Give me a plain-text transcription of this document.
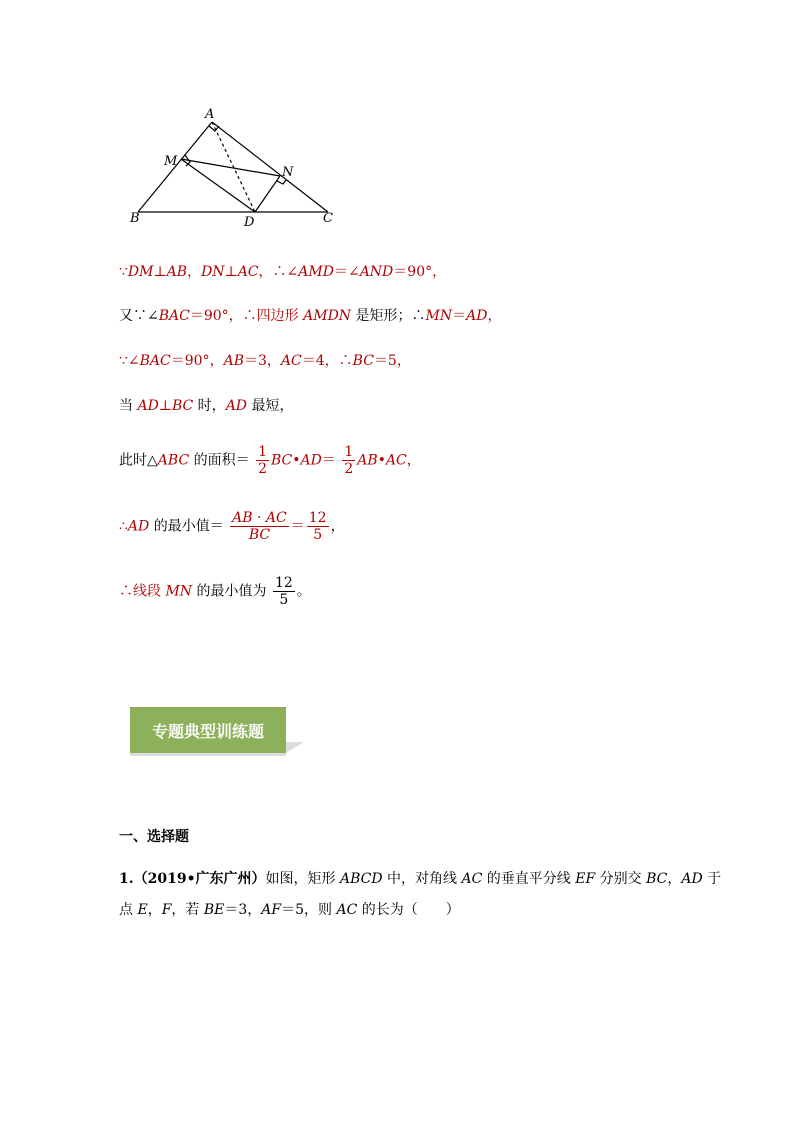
A
B	C
D
M
N
∵DM⊥AB，DN⊥AC，∴∠AMD＝∠AND＝90°，
又∵∠BAC＝90°，∴四边形 AMDN 是矩形；∴MN＝AD，
∵∠BAC＝90°，AB＝3，AC＝4，∴BC＝5，
当 AD⊥BC 时，AD 最短，
此时△ABC 的面积＝ $\frac{1}{2}$ BC•AD＝ $\frac{1}{2}$ AB•AC，
∴AD 的最小值＝ $\frac{AB \cdot AC}{BC} = \frac{12}{5}$ ，
∴线段 MN 的最小值为 $\frac{12}{5}$ 。
专题典型训练题
一、选择题
1.（2019•广东广州）如图，矩形 ABCD 中，对角线 AC 的垂直平分线 EF 分别交 BC，AD 于
点 E，F，若 BE＝3，AF＝5，则 AC 的长为（　　）
